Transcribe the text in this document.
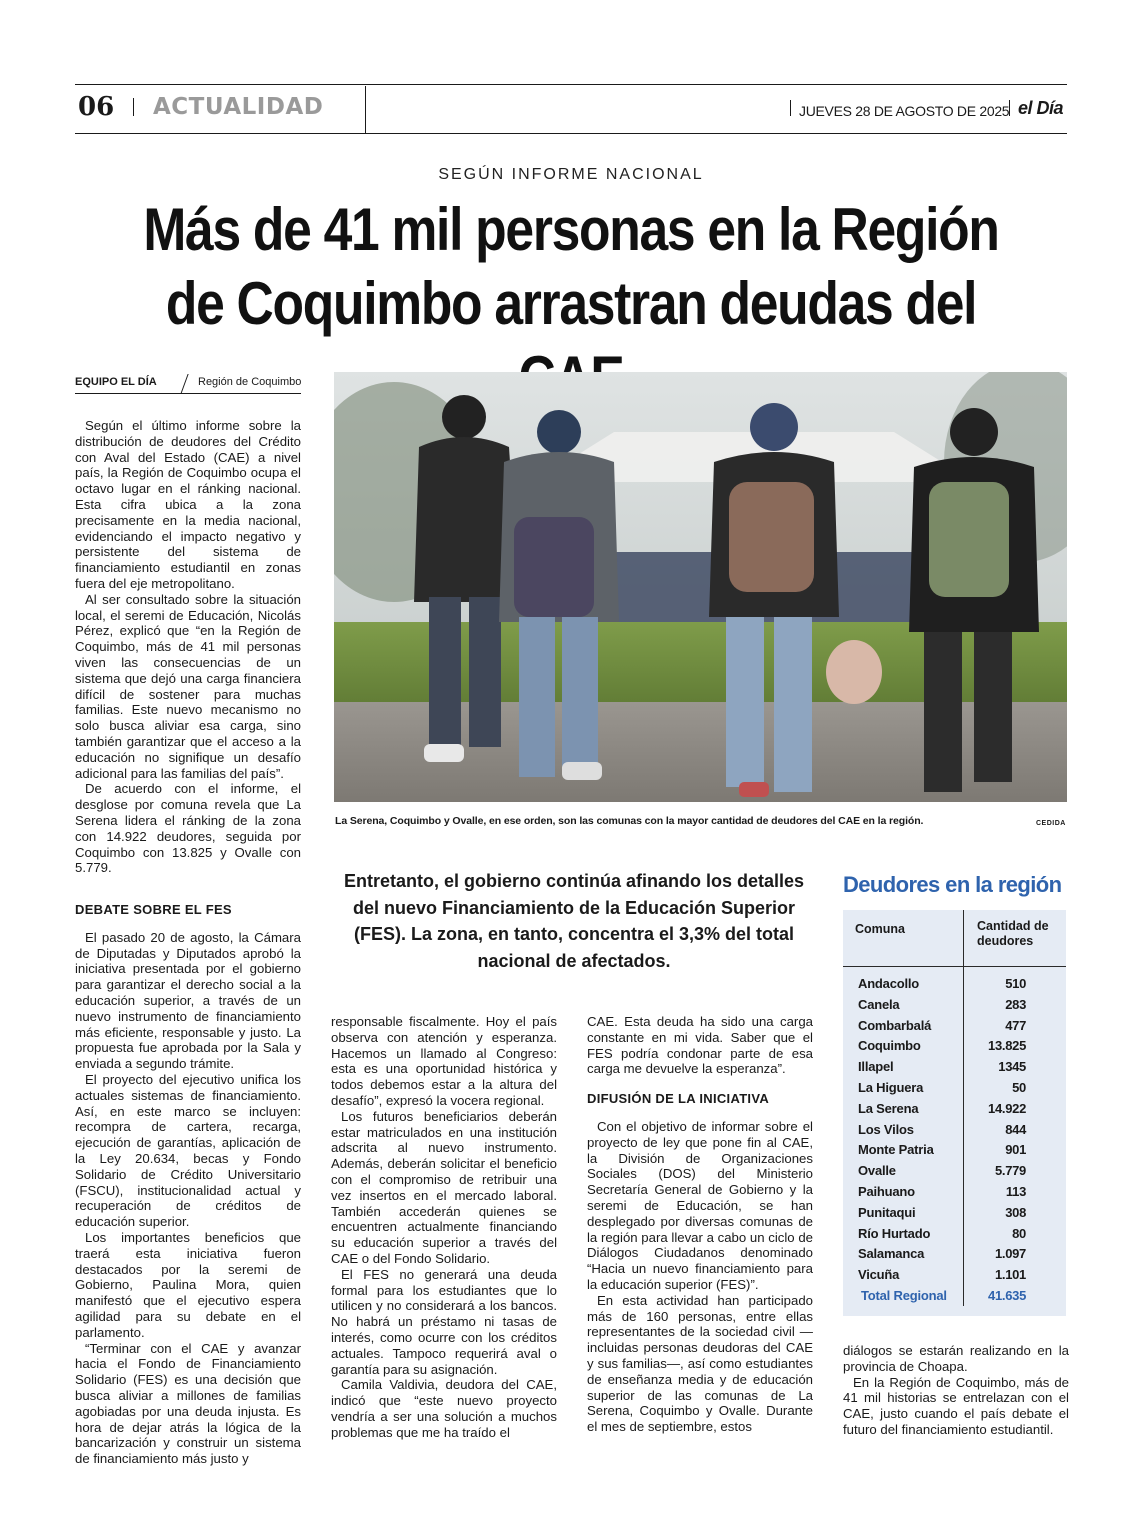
06 ACTUALIDAD	JUEVES 28 DE AGOSTO DE 2025 el Día
SEGÚN INFORME NACIONAL
Más de 41 mil personas en la Región de Coquimbo arrastran deudas del
EQUIPO EL DÍA	Región de Coquimbo

Según el último informe sobre la distribución de deudores del Crédito con Aval del Estado (CAE) a nivel país, la Región de Coquimbo ocupa el octavo lugar en el ránking nacional. Esta cifra ubica a la zona precisamente en la media nacional, evidenciando el impacto negativo y persistente del sistema de financiamiento estudiantil en zonas fuera del eje metropolitano.

Al ser consultado sobre la situación local, el seremi de Educación, Nicolás Pérez, explicó que “en la Región de Coquimbo, más de 41 mil personas viven las consecuencias de un sistema que dejó una carga financiera difícil de sostener para muchas familias. Este nuevo mecanismo no solo busca aliviar esa carga, sino también garantizar que el acceso a la educación no signifique un desafío adicional para las familias del país”.

De acuerdo con el informe, el desglose por comuna revela que La Serena lidera el ránking de la zona con 14.922 deudores, seguida por Coquimbo con 13.825 y Ovalle con 5.779.

DEBATE SOBRE EL FES

El pasado 20 de agosto, la Cámara de Diputadas y Diputados aprobó la iniciativa presentada por el gobierno para garantizar el derecho social a la educación superior, a través de un nuevo instrumento de financiamiento más eficiente, responsable y justo. La propuesta fue aprobada por la Sala y enviada a segundo trámite.

El proyecto del ejecutivo unifica los actuales sistemas de financiamiento. Así, en este marco se incluyen: recompra de cartera, recarga, ejecución de garantías, aplicación de la Ley 20.634, becas y Fondo Solidario de Crédito Universitario (FSCU), institucionalidad actual y recuperación de créditos de educación superior.

Los importantes beneficios que traerá esta iniciativa fueron destacados por la seremi de Gobierno, Paulina Mora, quien manifestó que el ejecutivo espera agilidad para su debate en el parlamento.

“Terminar con el CAE y avanzar hacia el Fondo de Financiamiento Solidario (FES) es una decisión que busca aliviar a millones de familias agobiadas por una deuda injusta. Es hora de dejar atrás la lógica de la bancarización y construir un sistema de financiamiento más justo y

La Serena, Coquimbo y Ovalle, en ese orden, son las comunas con la mayor cantidad de deudores del CAE en la región.	CEDIDA
Entretanto, el gobierno continúa afinando los detalles del nuevo Financiamiento de la Educación Superior (FES). La zona, en tanto, concentra el 3,3% del total nacional de afectados.

responsable fiscalmente. Hoy el país observa con atención y esperanza. Hacemos un llamado al Congreso: esta es una oportunidad histórica y todos debemos estar a la altura del desafío”, expresó la vocera regional.

Los futuros beneficiarios deberán estar matriculados en una institución adscrita al nuevo instrumento. Además, deberán solicitar el beneficio con el compromiso de retribuir una vez insertos en el mercado laboral. También accederán quienes se encuentren actualmente financiando su educación superior a través del CAE o del Fondo Solidario.

El FES no generará una deuda formal para los estudiantes que lo utilicen y no considerará a los bancos. No habrá un préstamo ni tasas de interés, como ocurre con los créditos actuales. Tampoco requerirá aval o garantía para su asignación.

Camila Valdivia, deudora del CAE, indicó que “este nuevo proyecto vendría a ser una solución a muchos problemas que me ha traído el

CAE. Esta deuda ha sido una carga constante en mi vida. Saber que el FES podría condonar parte de esa carga me devuelve la esperanza”.

DIFUSIÓN DE LA INICIATIVA

Con el objetivo de informar sobre el proyecto de ley que pone fin al CAE, la División de Organizaciones Sociales (DOS) del Ministerio Secretaría General de Gobierno y la seremi de Educación, se han desplegado por diversas comunas de la región para llevar a cabo un ciclo de Diálogos Ciudadanos denominado “Hacia un nuevo financiamiento para la educación superior (FES)”.

En esta actividad han participado más de 160 personas, entre ellas representantes de la sociedad civil —incluidas personas deudoras del CAE y sus familias—, así como estudiantes de enseñanza media y de educación superior de las comunas de La Serena, Coquimbo y Ovalle. Durante el mes de septiembre, estos

Deudores en la región
Comuna	Cantidad de deudores
Andacollo	510
Canela	283
Combarbalá	477
Coquimbo	13.825
Illapel	1345
La Higuera	50
La Serena	14.922
Los Vilos	844
Monte Patria	901
Ovalle	5.779
Paihuano	113
Punitaqui	308
Río Hurtado	80
Salamanca	1.097
Vicuña	1.101
Total Regional	41.635

diálogos se estarán realizando en la provincia de Choapa.

En la Región de Coquimbo, más de 41 mil historias se entrelazan con el CAE, justo cuando el país debate el futuro del financiamiento estudiantil.
